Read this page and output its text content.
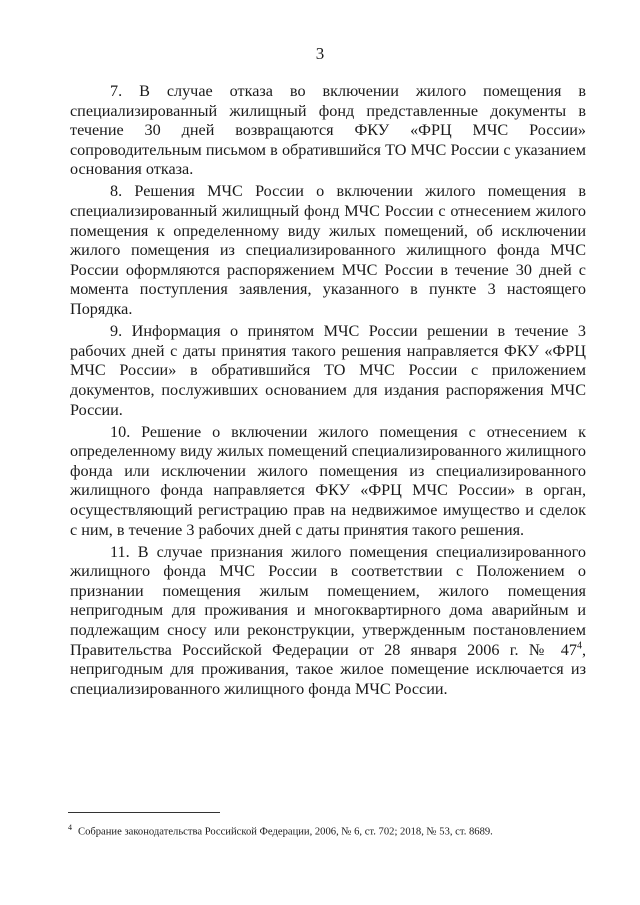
3

7. В случае отказа во включении жилого помещения в специализированный жилищный фонд представленные документы в течение 30 дней возвращаются ФКУ «ФРЦ МЧС России» сопроводительным письмом в обратившийся ТО МЧС России с указанием основания отказа.

8. Решения МЧС России о включении жилого помещения в специализированный жилищный фонд МЧС России с отнесением жилого помещения к определенному виду жилых помещений, об исключении жилого помещения из специализированного жилищного фонда МЧС России оформляются распоряжением МЧС России в течение 30 дней с момента поступления заявления, указанного в пункте 3 настоящего Порядка.

9. Информация о принятом МЧС России решении в течение 3 рабочих дней с даты принятия такого решения направляется ФКУ «ФРЦ МЧС России» в обратившийся ТО МЧС России с приложением документов, послуживших основанием для издания распоряжения МЧС России.

10. Решение о включении жилого помещения с отнесением к определенному виду жилых помещений специализированного жилищного фонда или исключении жилого помещения из специализированного жилищного фонда направляется ФКУ «ФРЦ МЧС России» в орган, осуществляющий регистрацию прав на недвижимое имущество и сделок с ним, в течение 3 рабочих дней с даты принятия такого решения.

11. В случае признания жилого помещения специализированного жилищного фонда МЧС России в соответствии с Положением о признании помещения жилым помещением, жилого помещения непригодным для проживания и многоквартирного дома аварийным и подлежащим сносу или реконструкции, утвержденным постановлением Правительства Российской Федерации от 28 января 2006 г. № $47^4$, непригодным для проживания, такое жилое помещение исключается из специализированного жилищного фонда МЧС России.

$^4$ Собрание законодательства Российской Федерации, 2006, № 6, ст. 702; 2018, № 53, ст. 8689.
